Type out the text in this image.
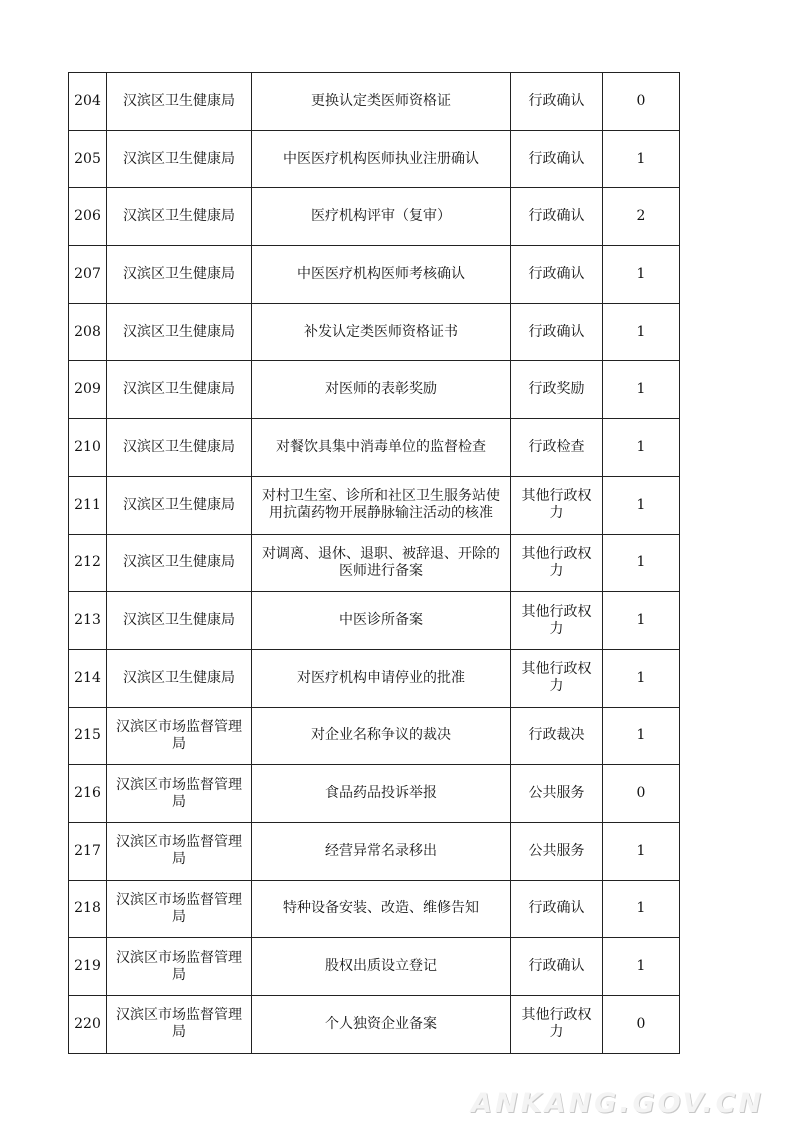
204	汉滨区卫生健康局	更换认定类医师资格证	行政确认	0
205	汉滨区卫生健康局	中医医疗机构医师执业注册确认	行政确认	1
206	汉滨区卫生健康局	医疗机构评审（复审）	行政确认	2
207	汉滨区卫生健康局	中医医疗机构医师考核确认	行政确认	1
208	汉滨区卫生健康局	补发认定类医师资格证书	行政确认	1
209	汉滨区卫生健康局	对医师的表彰奖励	行政奖励	1
210	汉滨区卫生健康局	对餐饮具集中消毒单位的监督检查	行政检查	1
211	汉滨区卫生健康局	对村卫生室、诊所和社区卫生服务站使用抗菌药物开展静脉输注活动的核准	其他行政权力	1
212	汉滨区卫生健康局	对调离、退休、退职、被辞退、开除的医师进行备案	其他行政权力	1
213	汉滨区卫生健康局	中医诊所备案	其他行政权力	1
214	汉滨区卫生健康局	对医疗机构申请停业的批准	其他行政权力	1
215	汉滨区市场监督管理局	对企业名称争议的裁决	行政裁决	1
216	汉滨区市场监督管理局	食品药品投诉举报	公共服务	0
217	汉滨区市场监督管理局	经营异常名录移出	公共服务	1
218	汉滨区市场监督管理局	特种设备安装、改造、维修告知	行政确认	1
219	汉滨区市场监督管理局	股权出质设立登记	行政确认	1
220	汉滨区市场监督管理局	个人独资企业备案	其他行政权力	0
ANKANG.GOV.CN
